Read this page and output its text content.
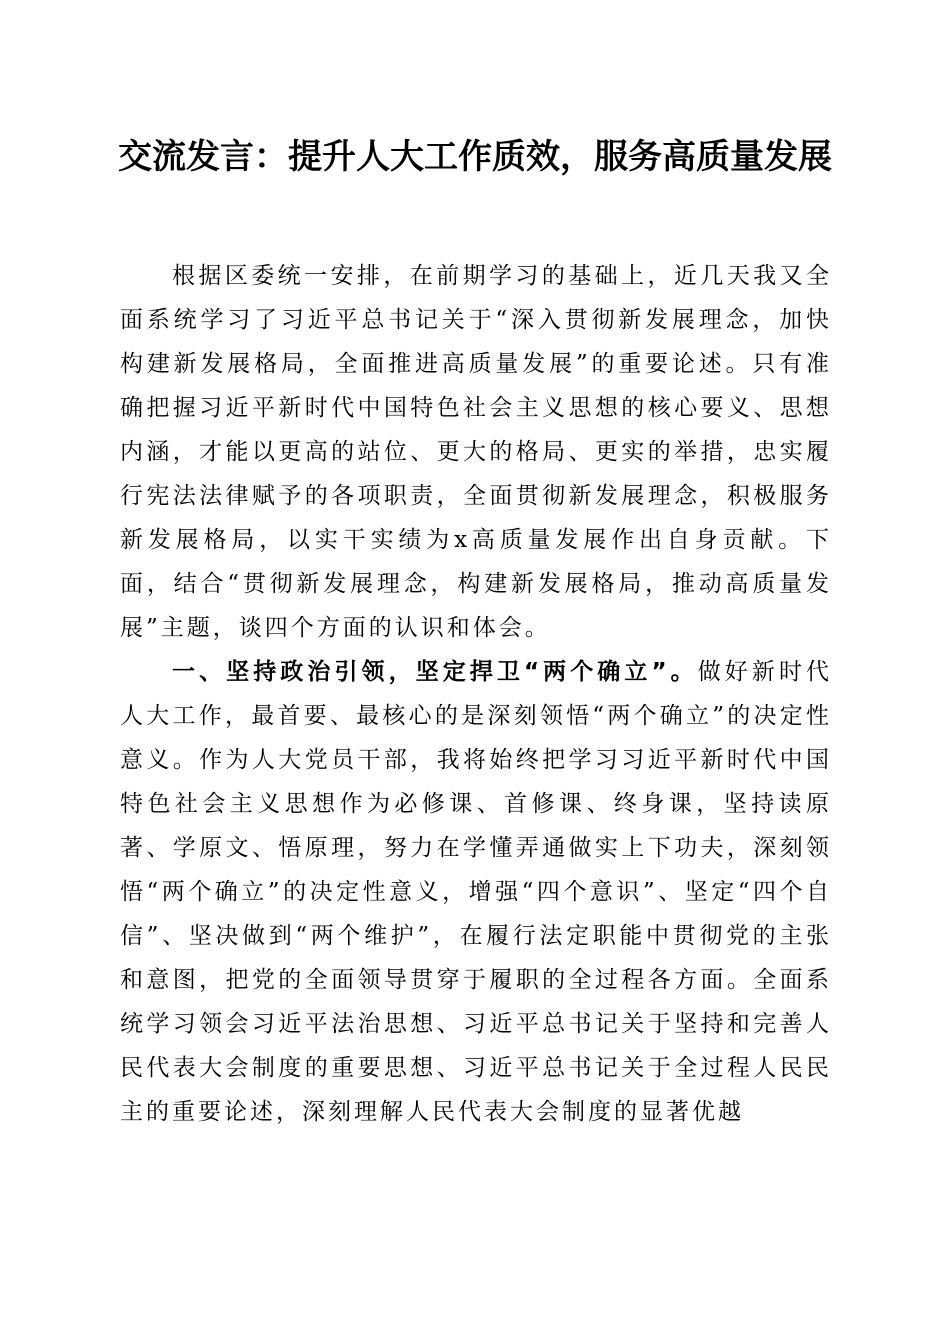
交流发言：提升人大工作质效，服务高质量发展

根据区委统一安排，在前期学习的基础上，近几天我又全面系统学习了习近平总书记关于“深入贯彻新发展理念，加快构建新发展格局，全面推进高质量发展”的重要论述。只有准确把握习近平新时代中国特色社会主义思想的核心要义、思想内涵，才能以更高的站位、更大的格局、更实的举措，忠实履行宪法法律赋予的各项职责，全面贯彻新发展理念，积极服务新发展格局，以实干实绩为x高质量发展作出自身贡献。下面，结合“贯彻新发展理念，构建新发展格局，推动高质量发展”主题，谈四个方面的认识和体会。

一、坚持政治引领，坚定捍卫“两个确立”。做好新时代人大工作，最首要、最核心的是深刻领悟“两个确立”的决定性意义。作为人大党员干部，我将始终把学习习近平新时代中国特色社会主义思想作为必修课、首修课、终身课，坚持读原著、学原文、悟原理，努力在学懂弄通做实上下功夫，深刻领悟“两个确立”的决定性意义，增强“四个意识”、坚定“四个自信”、坚决做到“两个维护”，在履行法定职能中贯彻党的主张和意图，把党的全面领导贯穿于履职的全过程各方面。全面系统学习领会习近平法治思想、习近平总书记关于坚持和完善人民代表大会制度的重要思想、习近平总书记关于全过程人民民主的重要论述，深刻理解人民代表大会制度的显著优越
